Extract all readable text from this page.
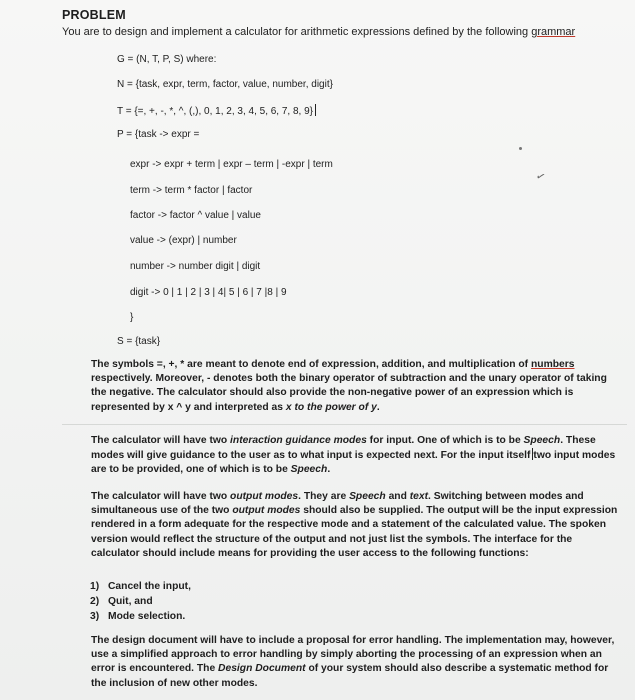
PROBLEM
You are to design and implement a calculator for arithmetic expressions defined by the following grammar
G = (N, T, P, S) where:
N = {task, expr, term, factor, value, number, digit}
T = {=, +, -, *, ^, (,), 0, 1, 2, 3, 4, 5, 6, 7, 8, 9}
P = {task -> expr =
expr -> expr + term | expr – term | -expr | term
term -> term * factor | factor
factor -> factor ^ value | value
value -> (expr) | number
number -> number digit | digit
digit -> 0 | 1 | 2 | 3 | 4| 5 | 6 | 7 |8 | 9
✓
}
S = {task}
The symbols =, +, * are meant to denote end of expression, addition, and multiplication of numbers respectively. Moreover, - denotes both the binary operator of subtraction and the unary operator of taking the negative. The calculator should also provide the non-negative power of an expression which is represented by x ^ y and interpreted as x to the power of y.
The calculator will have two interaction guidance modes for input. One of which is to be Speech. These modes will give guidance to the user as to what input is expected next. For the input itself two input modes are to be provided, one of which is to be Speech.
The calculator will have two output modes. They are Speech and text. Switching between modes and simultaneous use of the two output modes should also be supplied. The output will be the input expression rendered in a form adequate for the respective mode and a statement of the calculated value. The spoken version would reflect the structure of the output and not just list the symbols. The interface for the calculator should include means for providing the user access to the following functions:
1) Cancel the input,
2) Quit, and
3) Mode selection.
The design document will have to include a proposal for error handling. The implementation may, however, use a simplified approach to error handling by simply aborting the processing of an expression when an error is encountered. The Design Document of your system should also describe a systematic method for the inclusion of new other modes.
